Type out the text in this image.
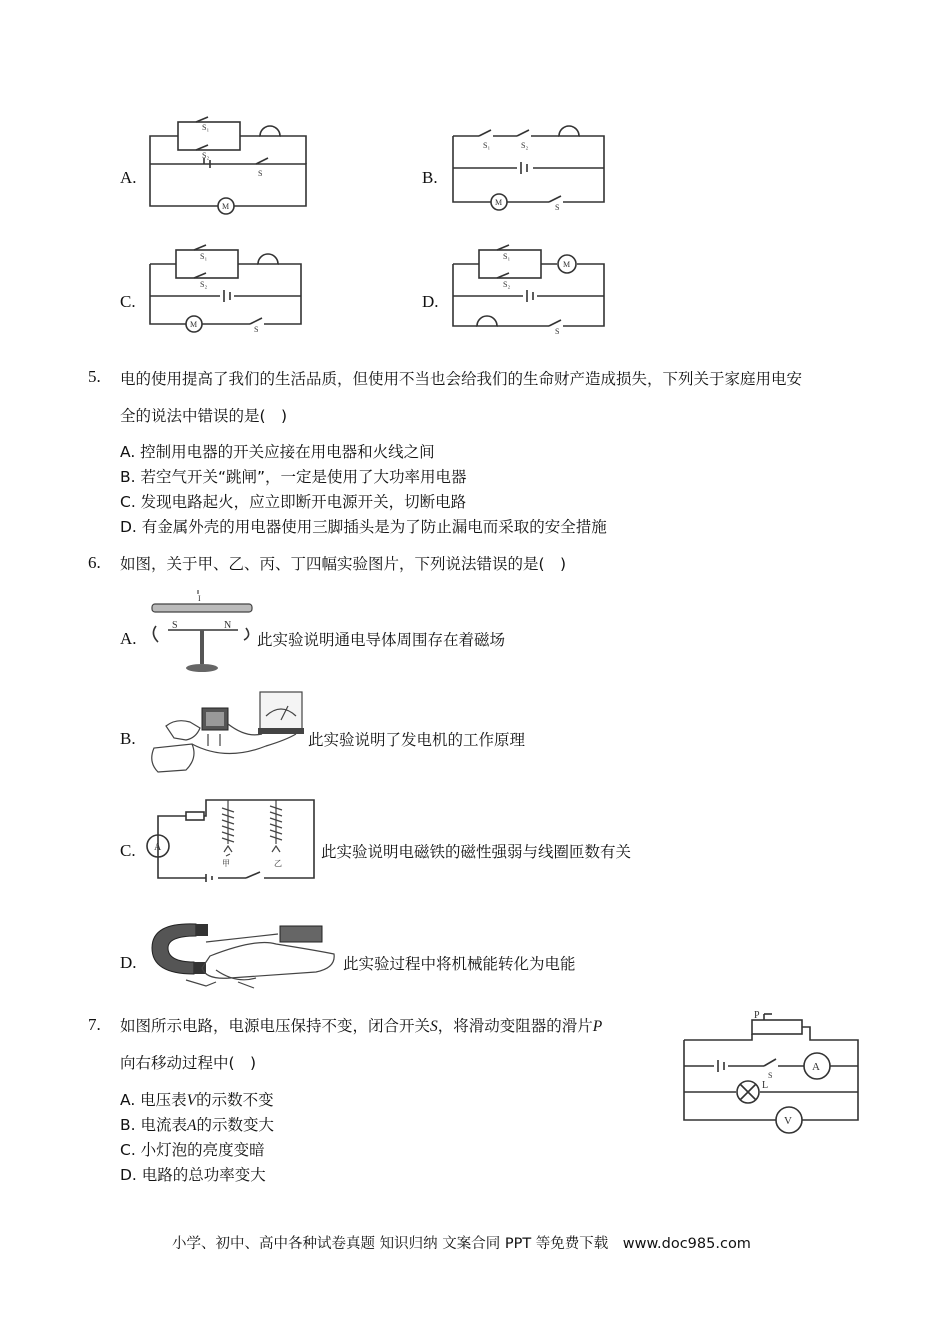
A.
M
S₁
S₂
S	B.
M
S₁	S₂
S
C.
M
S₁
S₂
S
D.
M
S₁
S₂
S
5. 电的使用提高了我们的生活品质，但使用不当也会给我们的生命财产造成损失，下列关于家庭用电安
全的说法中错误的是(　)
A. 控制用电器的开关应接在用电器和火线之间
B. 若空气开关“跳闸”，一定是使用了大功率用电器
C. 发现电路起火，应立即断开电源开关，切断电路
D. 有金属外壳的用电器使用三脚插头是为了防止漏电而采取的安全措施
6. 如图，关于甲、乙、丙、丁四幅实验图片，下列说法错误的是(　)
A.
I
S	N
此实验说明通电导体周围存在着磁场
B.	此实验说明了发电机的工作原理
C. A
甲	乙
此实验说明电磁铁的磁性强弱与线圈匝数有关
D.	此实验过程中将机械能转化为电能
7. 如图所示电路，电源电压保持不变，闭合开关S，将滑动变阻器的滑片P
向右移动过程中(　)
A. 电压表V的示数不变
B. 电流表A的示数变大
C. 小灯泡的亮度变暗
D. 电路的总功率变大
P
V
S
A
L
小学、初中、高中各种试卷真题 知识归纳 文案合同 PPT 等免费下载　www.doc985.com
